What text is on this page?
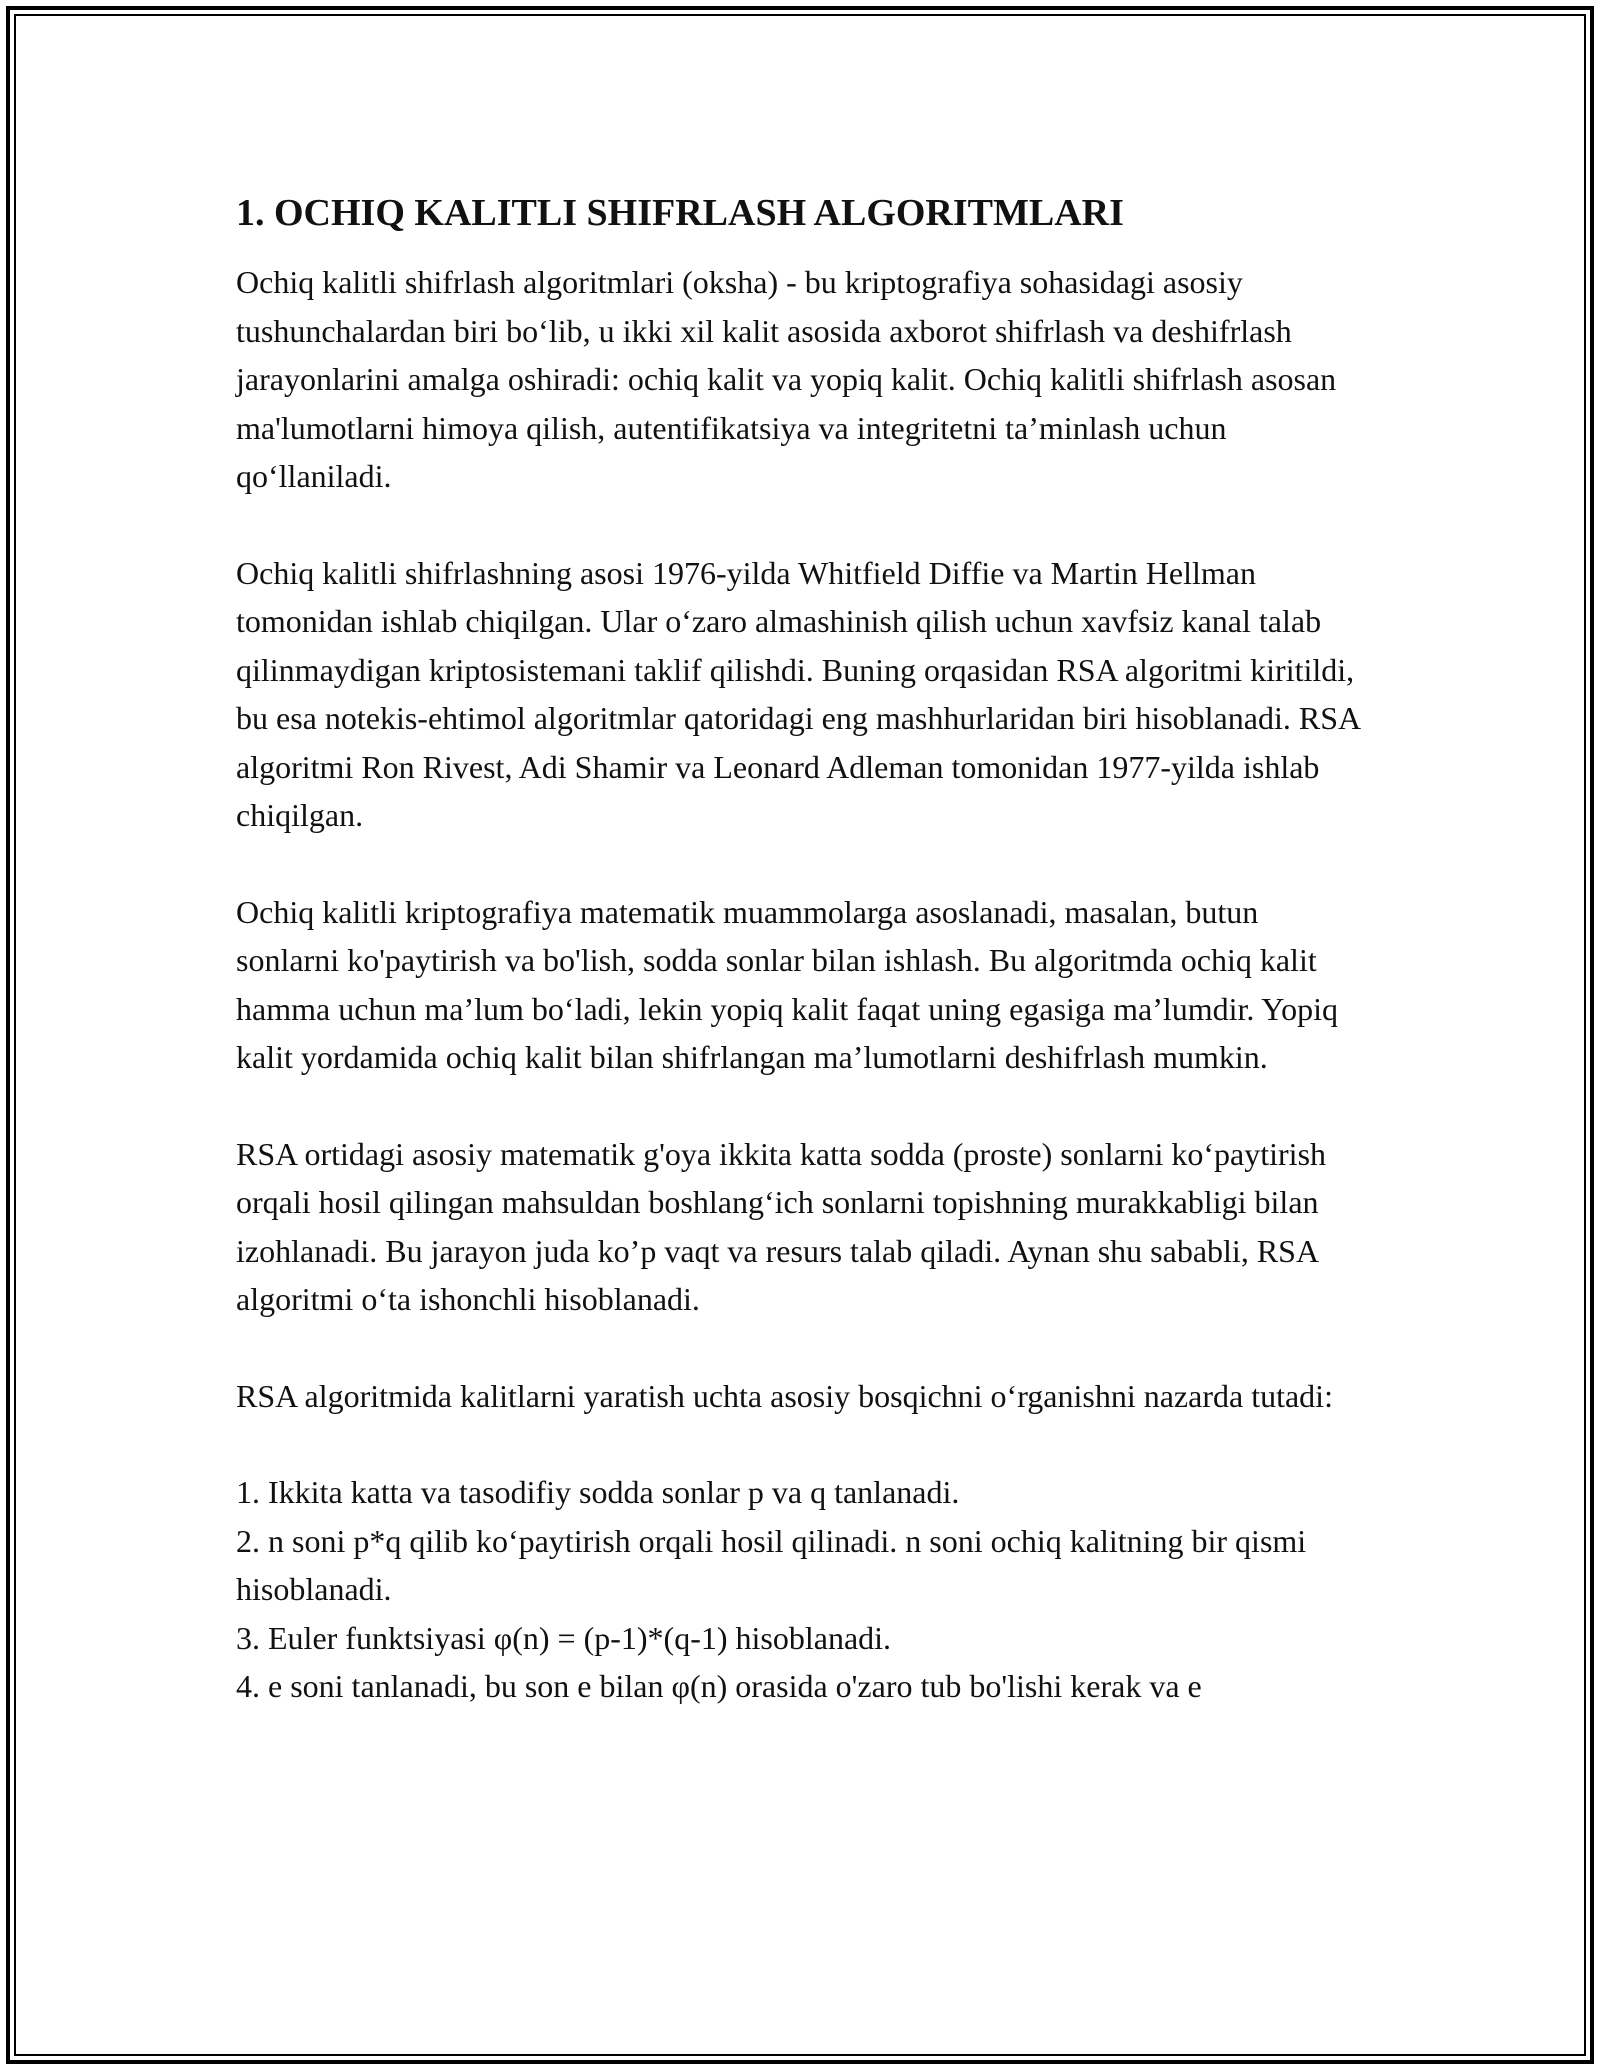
1. OCHIQ KALITLI SHIFRLASH ALGORITMLARI

Ochiq kalitli shifrlash algoritmlari (oksha) - bu kriptografiya sohasidagi asosiy tushunchalardan biri bo‘lib, u ikki xil kalit asosida axborot shifrlash va deshifrlash jarayonlarini amalga oshiradi: ochiq kalit va yopiq kalit. Ochiq kalitli shifrlash asosan ma'lumotlarni himoya qilish, autentifikatsiya va integritetni ta’minlash uchun qo‘llaniladi.

Ochiq kalitli shifrlashning asosi 1976-yilda Whitfield Diffie va Martin Hellman tomonidan ishlab chiqilgan. Ular o‘zaro almashinish qilish uchun xavfsiz kanal talab qilinmaydigan kriptosistemani taklif qilishdi. Buning orqasidan RSA algoritmi kiritildi, bu esa notekis-ehtimol algoritmlar qatoridagi eng mashhurlaridan biri hisoblanadi. RSA algoritmi Ron Rivest, Adi Shamir va Leonard Adleman tomonidan 1977-yilda ishlab chiqilgan.

Ochiq kalitli kriptografiya matematik muammolarga asoslanadi, masalan, butun sonlarni ko'paytirish va bo'lish, sodda sonlar bilan ishlash. Bu algoritmda ochiq kalit hamma uchun ma’lum bo‘ladi, lekin yopiq kalit faqat uning egasiga ma’lumdir. Yopiq kalit yordamida ochiq kalit bilan shifrlangan ma’lumotlarni deshifrlash mumkin.

RSA ortidagi asosiy matematik g'oya ikkita katta sodda (proste) sonlarni ko‘paytirish orqali hosil qilingan mahsuldan boshlang‘ich sonlarni topishning murakkabligi bilan izohlanadi. Bu jarayon juda ko’p vaqt va resurs talab qiladi. Aynan shu sababli, RSA algoritmi o‘ta ishonchli hisoblanadi.

RSA algoritmida kalitlarni yaratish uchta asosiy bosqichni o‘rganishni nazarda tutadi:

1. Ikkita katta va tasodifiy sodda sonlar p va q tanlanadi.
2. n soni p*q qilib ko‘paytirish orqali hosil qilinadi. n soni ochiq kalitning bir qismi hisoblanadi.
3. Euler funktsiyasi φ(n) = (p-1)*(q-1) hisoblanadi.
4. e soni tanlanadi, bu son e bilan φ(n) orasida o'zaro tub bo'lishi kerak va e
